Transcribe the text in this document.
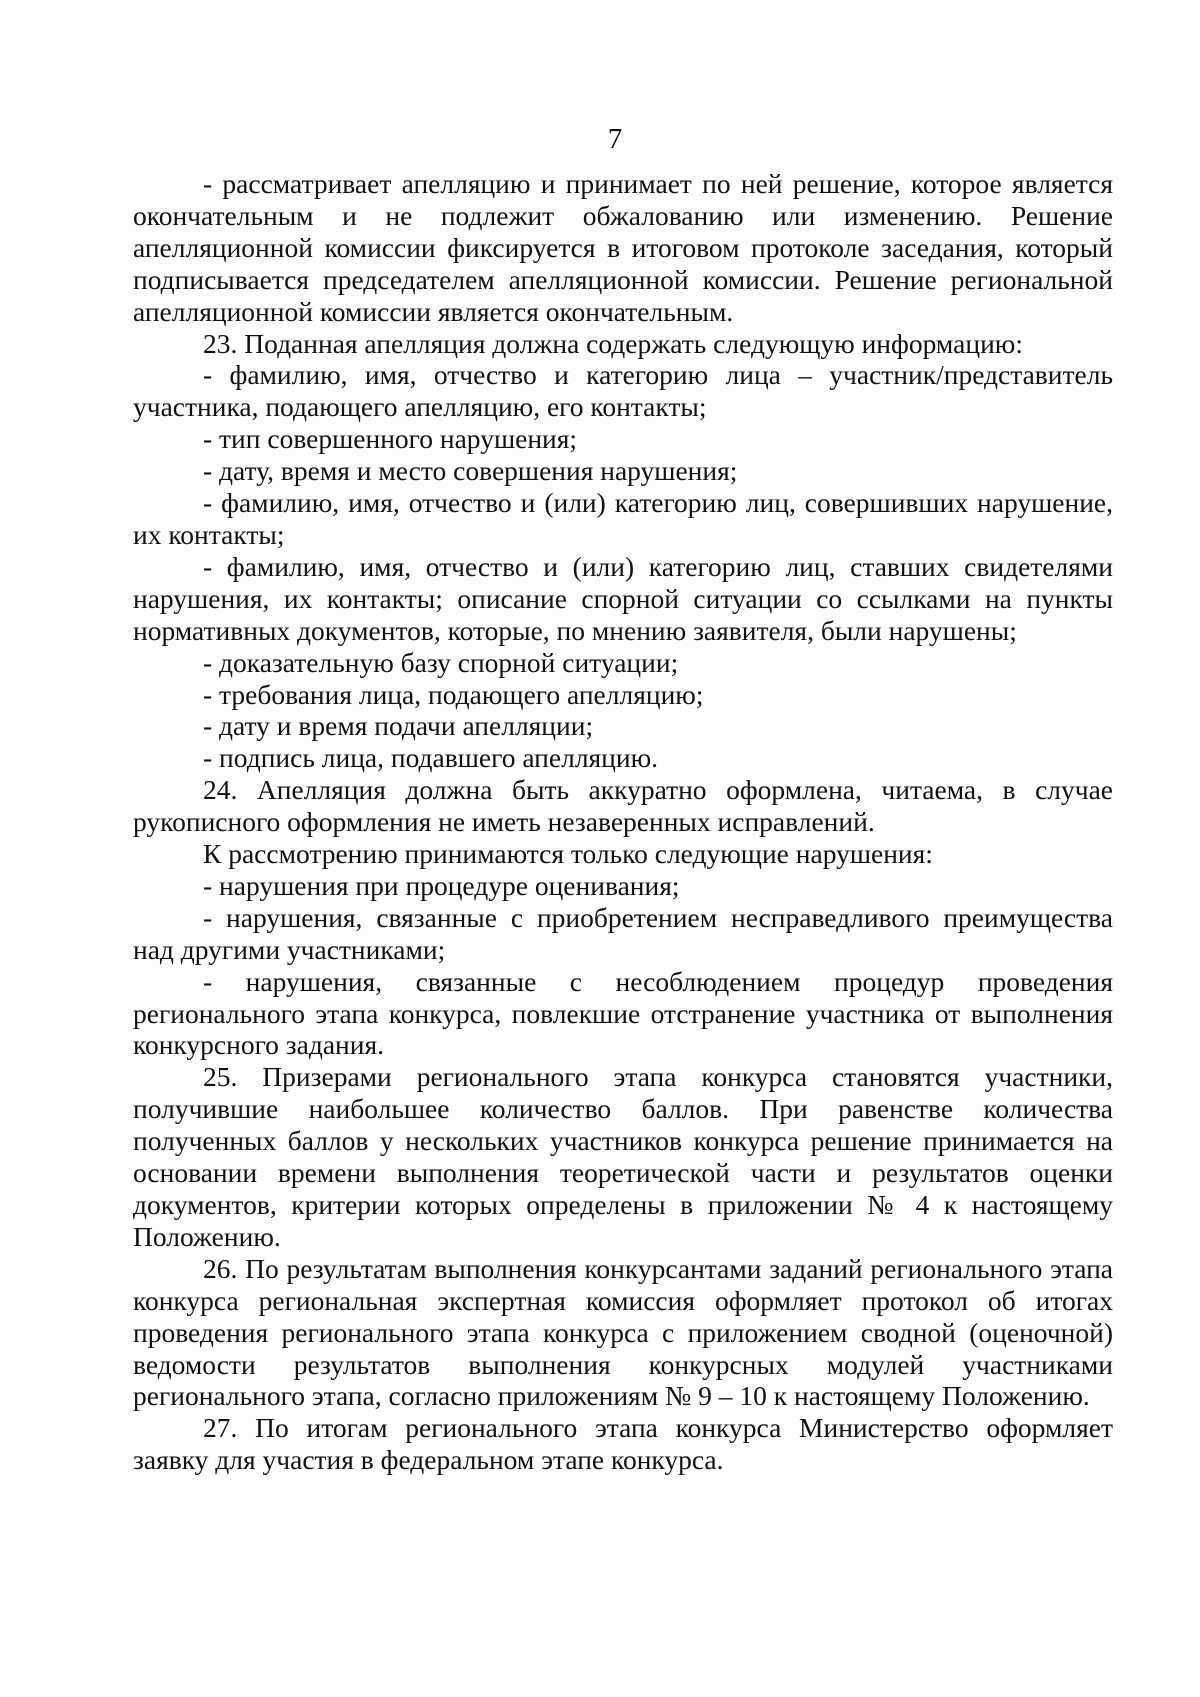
7

- рассматривает апелляцию и принимает по ней решение, которое является окончательным и не подлежит обжалованию или изменению. Решение апелляционной комиссии фиксируется в итоговом протоколе заседания, который подписывается председателем апелляционной комиссии. Решение региональной апелляционной комиссии является окончательным.

23. Поданная апелляция должна содержать следующую информацию:

- фамилию, имя, отчество и категорию лица – участник/представитель участника, подающего апелляцию, его контакты;

- тип совершенного нарушения;

- дату, время и место совершения нарушения;

- фамилию, имя, отчество и (или) категорию лиц, совершивших нарушение, их контакты;

- фамилию, имя, отчество и (или) категорию лиц, ставших свидетелями нарушения, их контакты; описание спорной ситуации со ссылками на пункты нормативных документов, которые, по мнению заявителя, были нарушены;

- доказательную базу спорной ситуации;

- требования лица, подающего апелляцию;

- дату и время подачи апелляции;

- подпись лица, подавшего апелляцию.

24. Апелляция должна быть аккуратно оформлена, читаема, в случае рукописного оформления не иметь незаверенных исправлений.

К рассмотрению принимаются только следующие нарушения:

- нарушения при процедуре оценивания;

- нарушения, связанные с приобретением несправедливого преимущества над другими участниками;

- нарушения, связанные с несоблюдением процедур проведения регионального этапа конкурса, повлекшие отстранение участника от выполнения конкурсного задания.

25. Призерами регионального этапа конкурса становятся участники, получившие наибольшее количество баллов. При равенстве количества полученных баллов у нескольких участников конкурса решение принимается на основании времени выполнения теоретической части и результатов оценки документов, критерии которых определены в приложении № 4 к настоящему Положению.

26. По результатам выполнения конкурсантами заданий регионального этапа конкурса региональная экспертная комиссия оформляет протокол об итогах проведения регионального этапа конкурса с приложением сводной (оценочной) ведомости результатов выполнения конкурсных модулей участниками регионального этапа, согласно приложениям № 9 – 10 к настоящему Положению.

27. По итогам регионального этапа конкурса Министерство оформляет заявку для участия в федеральном этапе конкурса.
